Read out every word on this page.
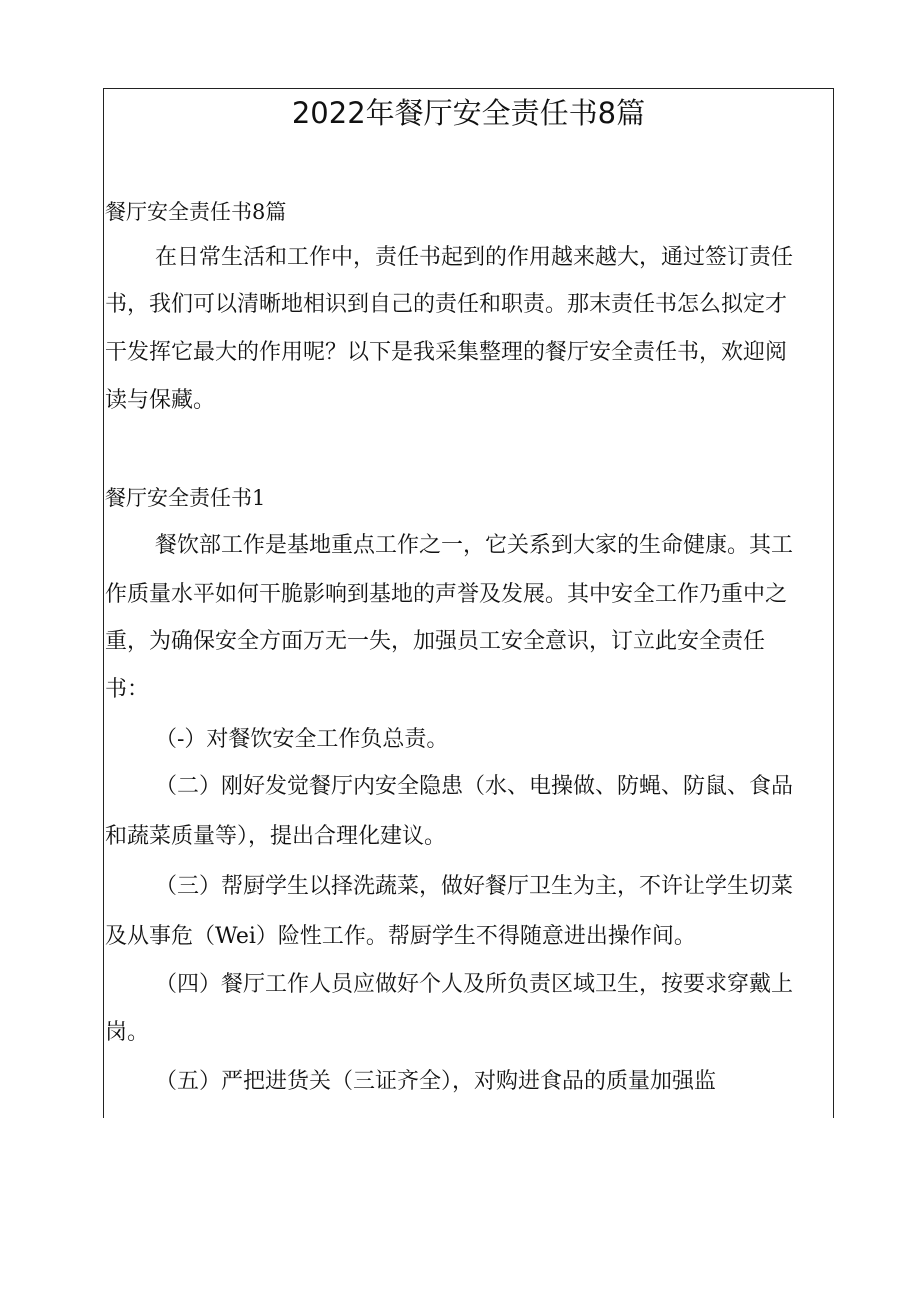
2022年餐厅安全责任书8篇
餐厅安全责任书8篇
在日常生活和工作中，责任书起到的作用越来越大，通过签订责任
书，我们可以清晰地相识到自己的责任和职责。那末责任书怎么拟定才
干发挥它最大的作用呢？以下是我采集整理的餐厅安全责任书，欢迎阅
读与保藏。
餐厅安全责任书1
餐饮部工作是基地重点工作之一，它关系到大家的生命健康。其工
作质量水平如何干脆影响到基地的声誉及发展。其中安全工作乃重中之
重，为确保安全方面万无一失，加强员工安全意识，订立此安全责任
书：
（-）对餐饮安全工作负总责。
（二）刚好发觉餐厅内安全隐患（水、电操做、防蝇、防鼠、食品
和蔬菜质量等），提出合理化建议。
（三）帮厨学生以择洗蔬菜，做好餐厅卫生为主，不许让学生切菜
及从事危（Wei）险性工作。帮厨学生不得随意进出操作间。
（四）餐厅工作人员应做好个人及所负责区域卫生，按要求穿戴上
岗。
（五）严把进货关（三证齐全），对购进食品的质量加强监
